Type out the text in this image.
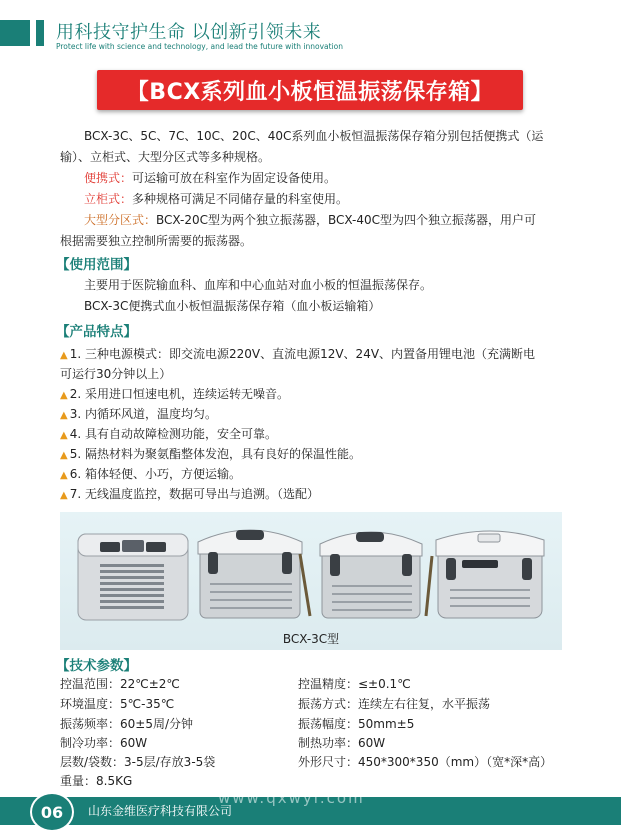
用科技守护生命 以创新引领未来
Protect life with science and technology, and lead the future with innovation
【BCX系列血小板恒温振荡保存箱】
BCX-3C、5C、7C、10C、20C、40C系列血小板恒温振荡保存箱分别包括便携式（运
输）、立柜式、大型分区式等多种规格。
便携式：可运输可放在科室作为固定设备使用。
立柜式：多种规格可满足不同储存量的科室使用。
大型分区式：BCX-20C型为两个独立振荡器，BCX-40C型为四个独立振荡器，用户可
根据需要独立控制所需要的振荡器。
【使用范围】
主要用于医院输血科、血库和中心血站对血小板的恒温振荡保存。
BCX-3C便携式血小板恒温振荡保存箱（血小板运输箱）
【产品特点】
▲ 1. 三种电源模式：即交流电源220V、直流电源12V、24V、内置备用锂电池（充满断电
可运行30分钟以上）
▲ 2. 采用进口恒速电机，连续运转无噪音。
▲ 3. 内循环风道，温度均匀。
▲ 4. 具有自动故障检测功能，安全可靠。
▲ 5. 隔热材料为聚氨酯整体发泡，具有良好的保温性能。
▲ 6. 箱体轻便、小巧，方便运输。
▲ 7. 无线温度监控，数据可导出与追溯。（选配）
BCX-3C型
【技术参数】
控温范围：22℃±2℃
环境温度：5℃-35℃
振荡频率：60±5周/分钟
制冷功率：60W
层数/袋数：3-5层/存放3-5袋
重量：8.5KG
控温精度：≤±0.1℃
振荡方式：连续左右往复，水平振荡
振荡幅度：50mm±5
制热功率：60W
外形尺寸：450*300*350（mm）（宽*深*高）
06	山东金维医疗科技有限公司
www.qxwyl.com
